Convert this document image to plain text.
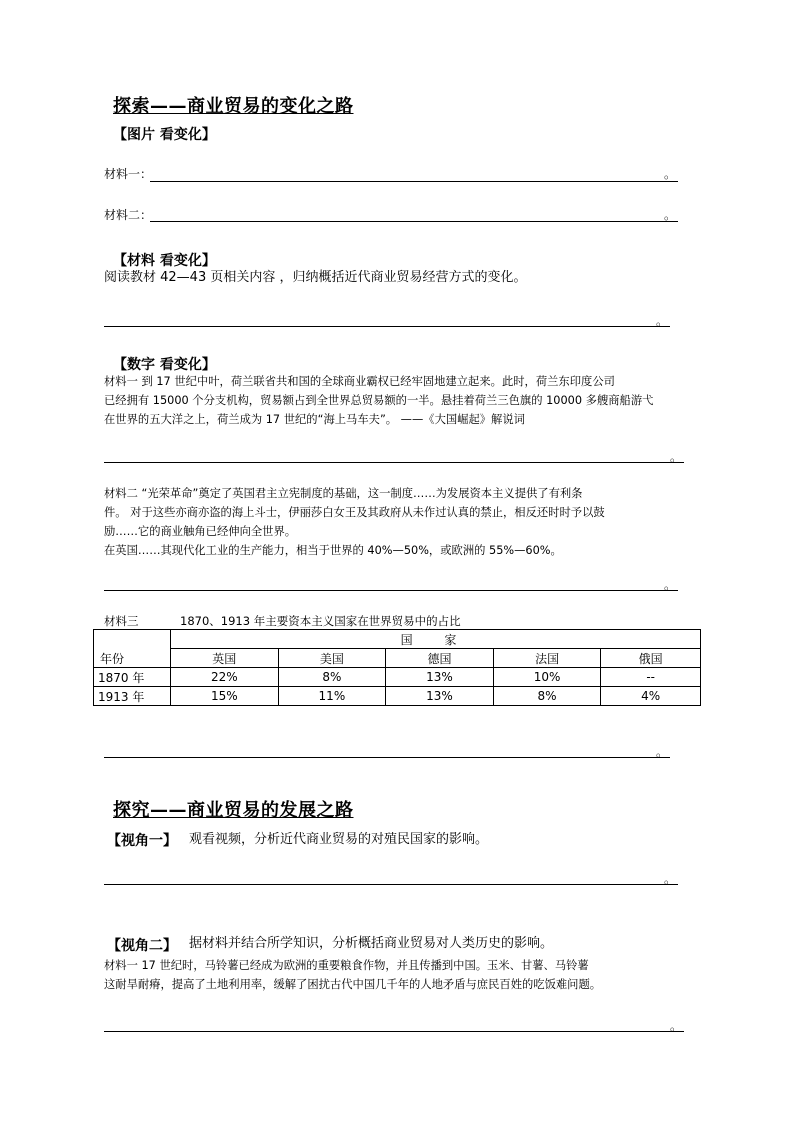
探索——商业贸易的变化之路
【图片 看变化】
材料一：	。
材料二：	。
【材料 看变化】
阅读教材 42—43 页相关内容 ，归纳概括近代商业贸易经营方式的变化。
。
【数字 看变化】
材料一 到 17 世纪中叶，荷兰联省共和国的全球商业霸权已经牢固地建立起来。此时，荷兰东印度公司
已经拥有 15000 个分支机构，贸易额占到全世界总贸易额的一半。悬挂着荷兰三色旗的 10000 多艘商船游弋
在世界的五大洋之上，荷兰成为 17 世纪的“海上马车夫”。 ——《大国崛起》解说词
。
材料二 “光荣革命”奠定了英国君主立宪制度的基础，这一制度……为发展资本主义提供了有利条
件。 对于这些亦商亦盗的海上斗士，伊丽莎白女王及其政府从未作过认真的禁止，相反还时时予以鼓
励……它的商业触角已经伸向全世界。
在英国……其现代化工业的生产能力，相当于世界的 40%—50%，或欧洲的 55%—60%。
。
材料三	1870、1913 年主要资本主义国家在世界贸易中的占比
年份	国 家				
	英国	美国	德国	法国	俄国
1870 年	22%	8%	13%	10%	--
1913 年	15%	11%	13%	8%	4%
。
探究——商业贸易的发展之路
【视角一】 观看视频，分析近代商业贸易的对殖民国家的影响。
。
【视角二】 据材料并结合所学知识，分析概括商业贸易对人类历史的影响。
材料一 17 世纪时，马铃薯已经成为欧洲的重要粮食作物，并且传播到中国。玉米、甘薯、马铃薯
这耐旱耐瘠，提高了土地利用率，缓解了困扰古代中国几千年的人地矛盾与庶民百姓的吃饭难问题。
。
